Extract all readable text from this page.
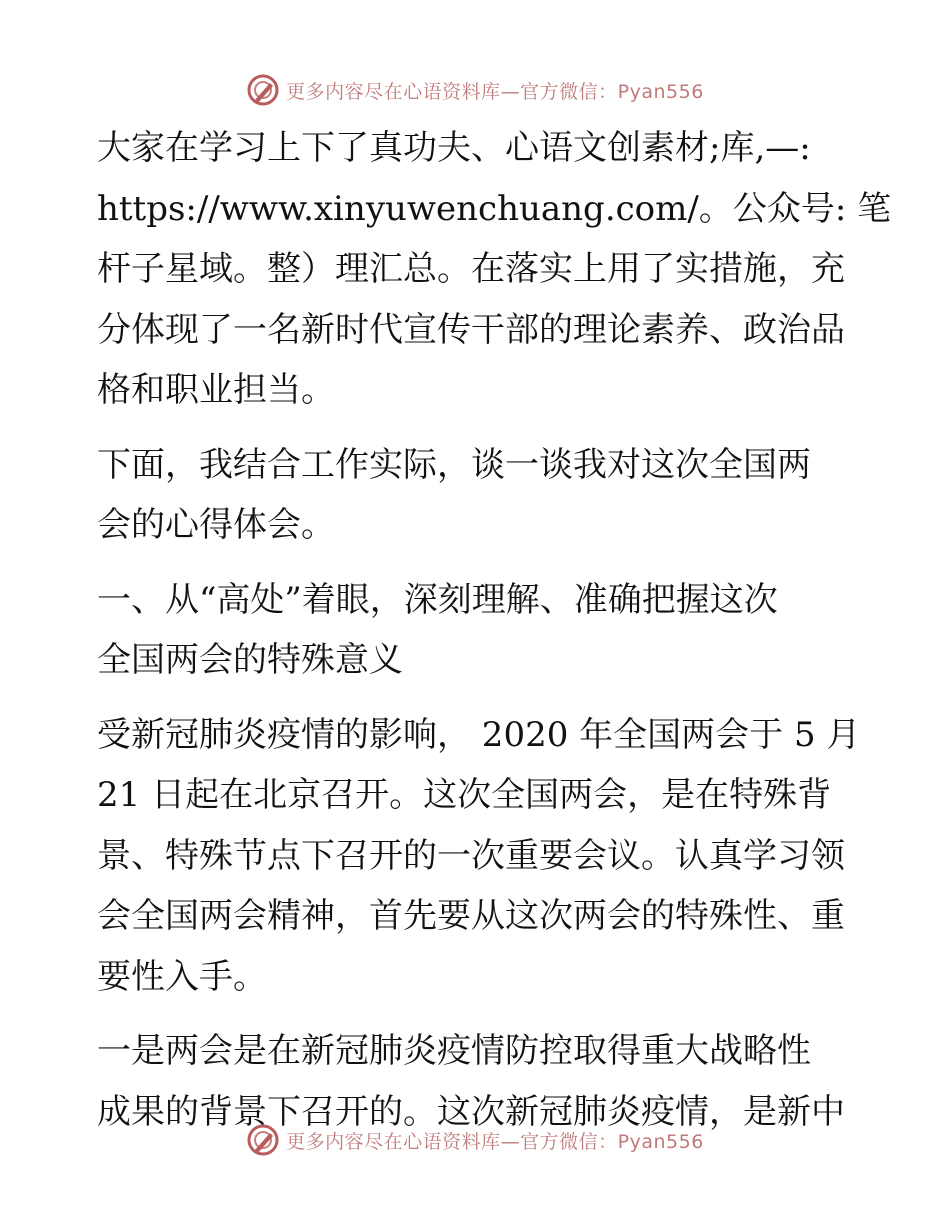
更多内容尽在心语资料库—官方微信：Pyan556

大家在学习上下了真功夫、心语文创素材;库,—:
https://www.xinyuwenchuang.com/。公众号: 笔
杆子星域。整）理汇总。在落实上用了实措施，充
分体现了一名新时代宣传干部的理论素养、政治品
格和职业担当。

下面，我结合工作实际，谈一谈我对这次全国两
会的心得体会。

一、从“高处”着眼，深刻理解、准确把握这次
全国两会的特殊意义

受新冠肺炎疫情的影响， 2020 年全国两会于 5 月
21 日起在北京召开。这次全国两会，是在特殊背
景、特殊节点下召开的一次重要会议。认真学习领
会全国两会精神，首先要从这次两会的特殊性、重
要性入手。

一是两会是在新冠肺炎疫情防控取得重大战略性
成果的背景下召开的。这次新冠肺炎疫情，是新中

更多内容尽在心语资料库—官方微信：Pyan556
